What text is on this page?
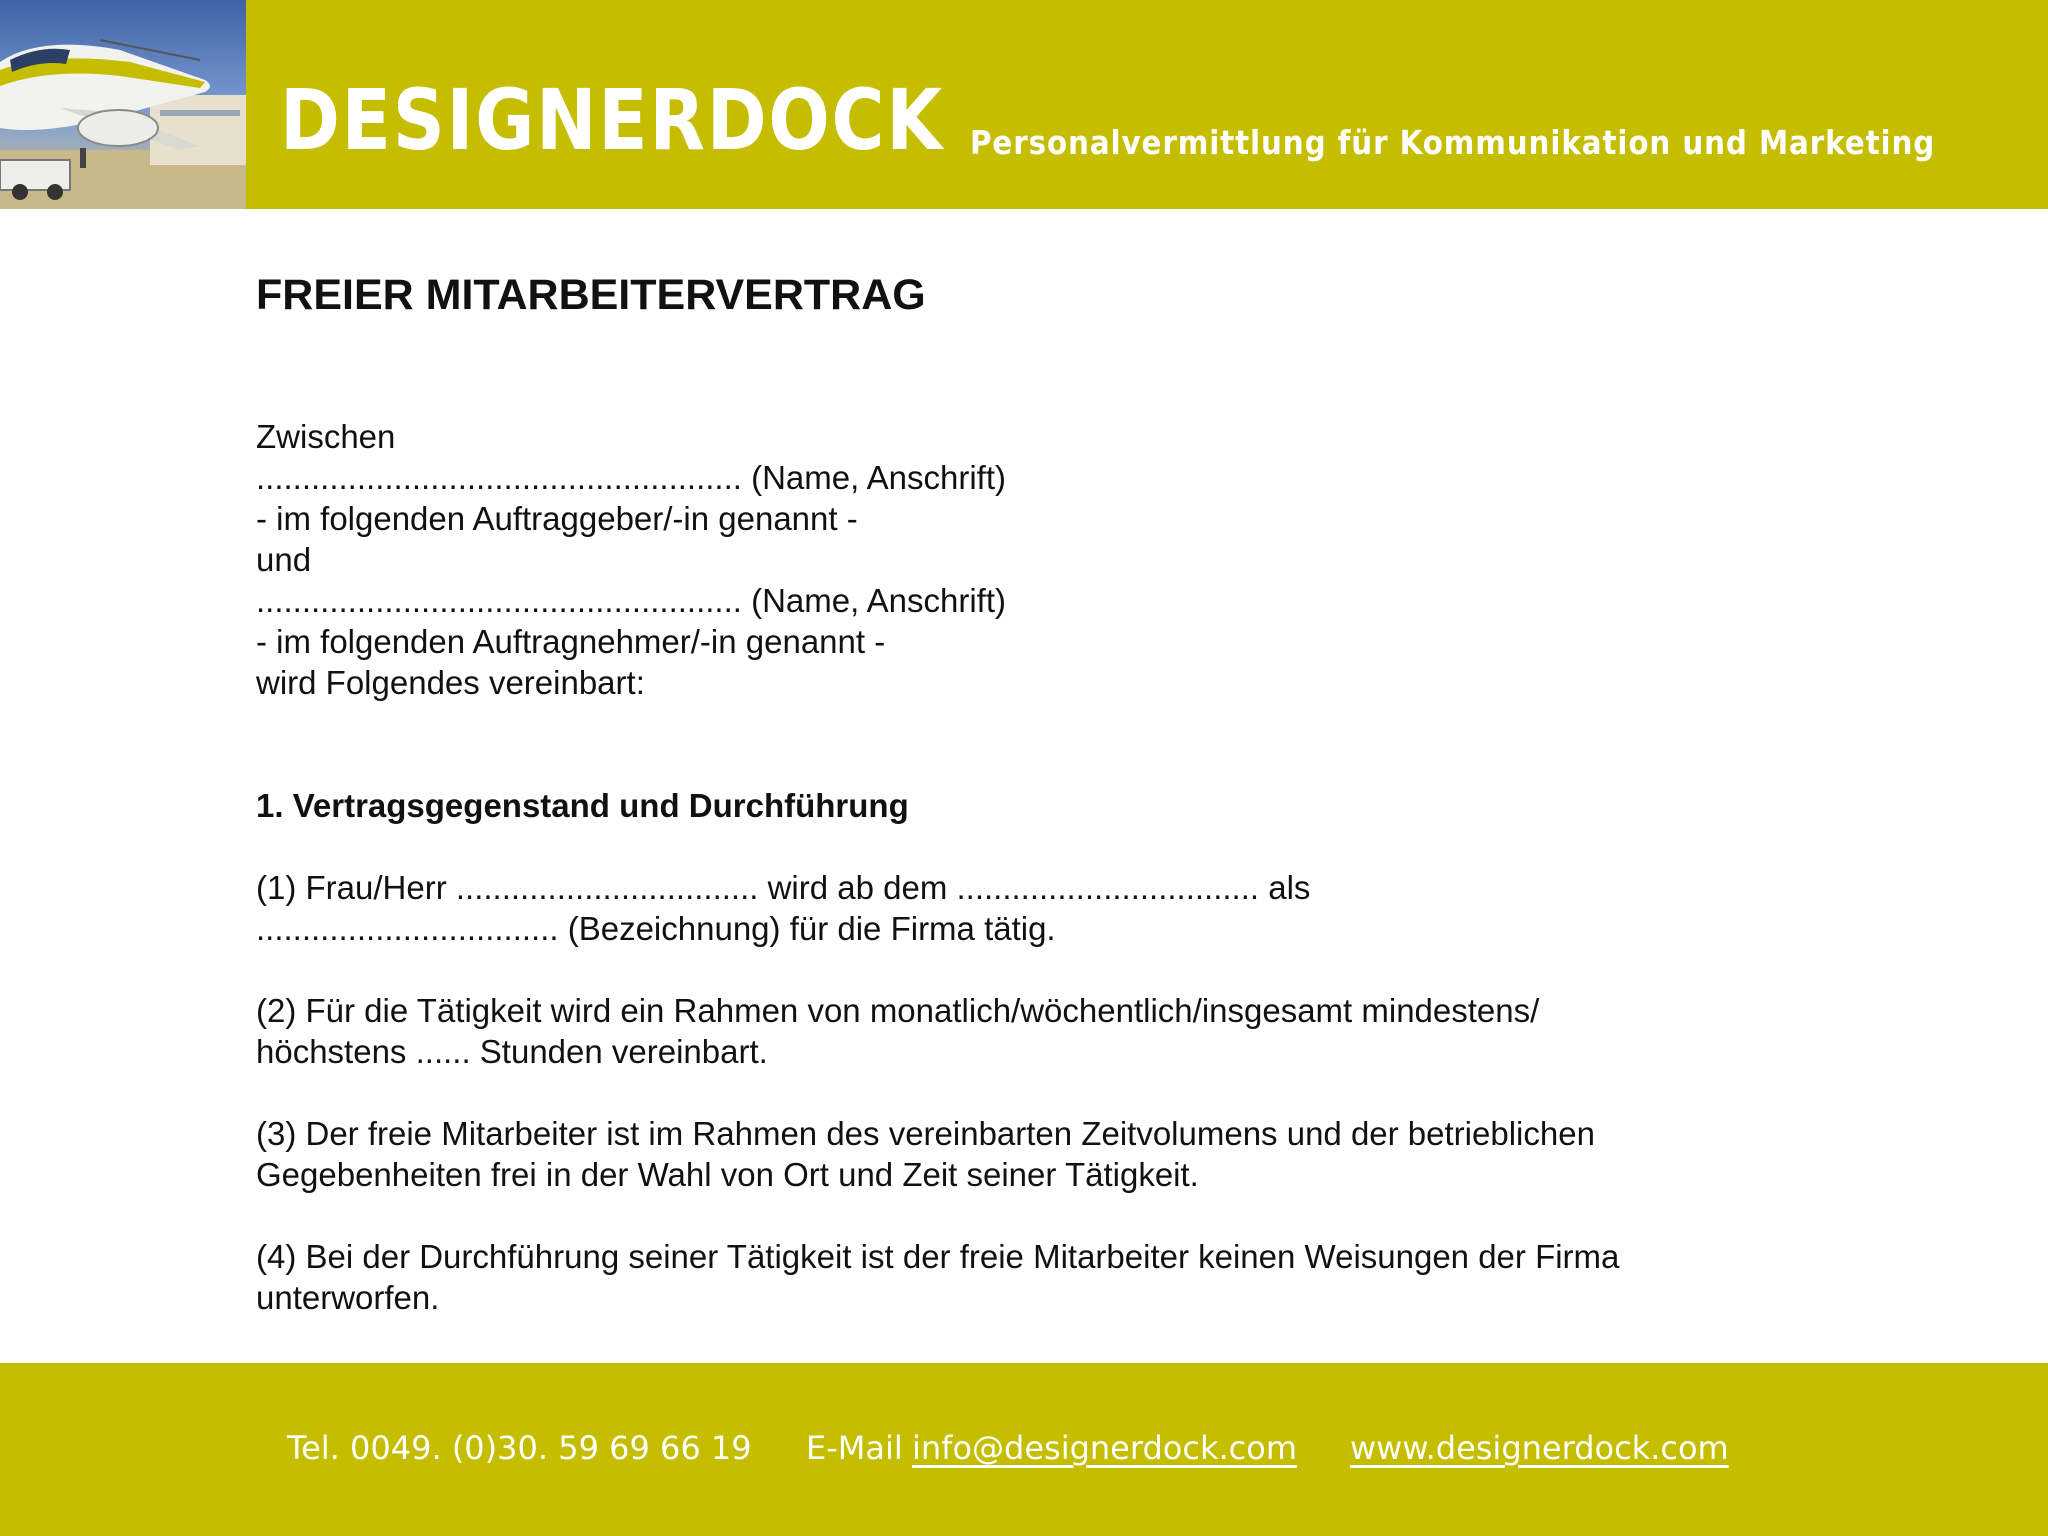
DESIGNERDOCK Personalvermittlung für Kommunikation und Marketing
FREIER MITARBEITERVERTRAG
Zwischen
..................................................... (Name, Anschrift)
- im folgenden Auftraggeber/-in genannt -
und
..................................................... (Name, Anschrift)
- im folgenden Auftragnehmer/-in genannt -
wird Folgendes vereinbart:
1. Vertragsgegenstand und Durchführung
(1) Frau/Herr ................................. wird ab dem ................................. als
................................. (Bezeichnung) für die Firma tätig.
(2) Für die Tätigkeit wird ein Rahmen von monatlich/wöchentlich/insgesamt mindestens/
höchstens ...... Stunden vereinbart.
(3) Der freie Mitarbeiter ist im Rahmen des vereinbarten Zeitvolumens und der betrieblichen
Gegebenheiten frei in der Wahl von Ort und Zeit seiner Tätigkeit.
(4) Bei der Durchführung seiner Tätigkeit ist der freie Mitarbeiter keinen Weisungen der Firma
unterworfen.
Tel. 0049. (0)30. 59 69 66 19 E-Mail info@designerdock.com www.designerdock.com
